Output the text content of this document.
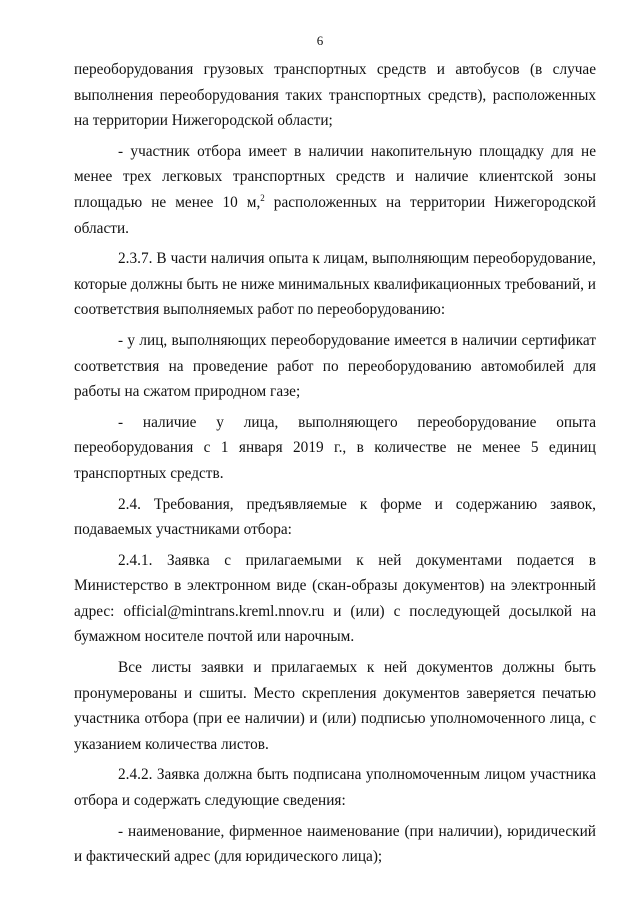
6

переоборудования грузовых транспортных средств и автобусов (в случае выполнения переоборудования таких транспортных средств), расположенных на территории Нижегородской области;

- участник отбора имеет в наличии накопительную площадку для не менее трех легковых транспортных средств и наличие клиентской зоны площадью не менее 10 м,$^2$ расположенных на территории Нижегородской области.

2.3.7. В части наличия опыта к лицам, выполняющим переоборудование, которые должны быть не ниже минимальных квалификационных требований, и соответствия выполняемых работ по переоборудованию:

- у лиц, выполняющих переоборудование имеется в наличии сертификат соответствия на проведение работ по переоборудованию автомобилей для работы на сжатом природном газе;

- наличие у лица, выполняющего переоборудование опыта переоборудования с 1 января 2019 г., в количестве не менее 5 единиц транспортных средств.

2.4. Требования, предъявляемые к форме и содержанию заявок, подаваемых участниками отбора:

2.4.1. Заявка с прилагаемыми к ней документами подается в Министерство в электронном виде (скан-образы документов) на электронный адрес: official@mintrans.kreml.nnov.ru и (или) с последующей досылкой на бумажном носителе почтой или нарочным.

Все листы заявки и прилагаемых к ней документов должны быть пронумерованы и сшиты. Место скрепления документов заверяется печатью участника отбора (при ее наличии) и (или) подписью уполномоченного лица, с указанием количества листов.

2.4.2. Заявка должна быть подписана уполномоченным лицом участника отбора и содержать следующие сведения:

- наименование, фирменное наименование (при наличии), юридический и фактический адрес (для юридического лица);
